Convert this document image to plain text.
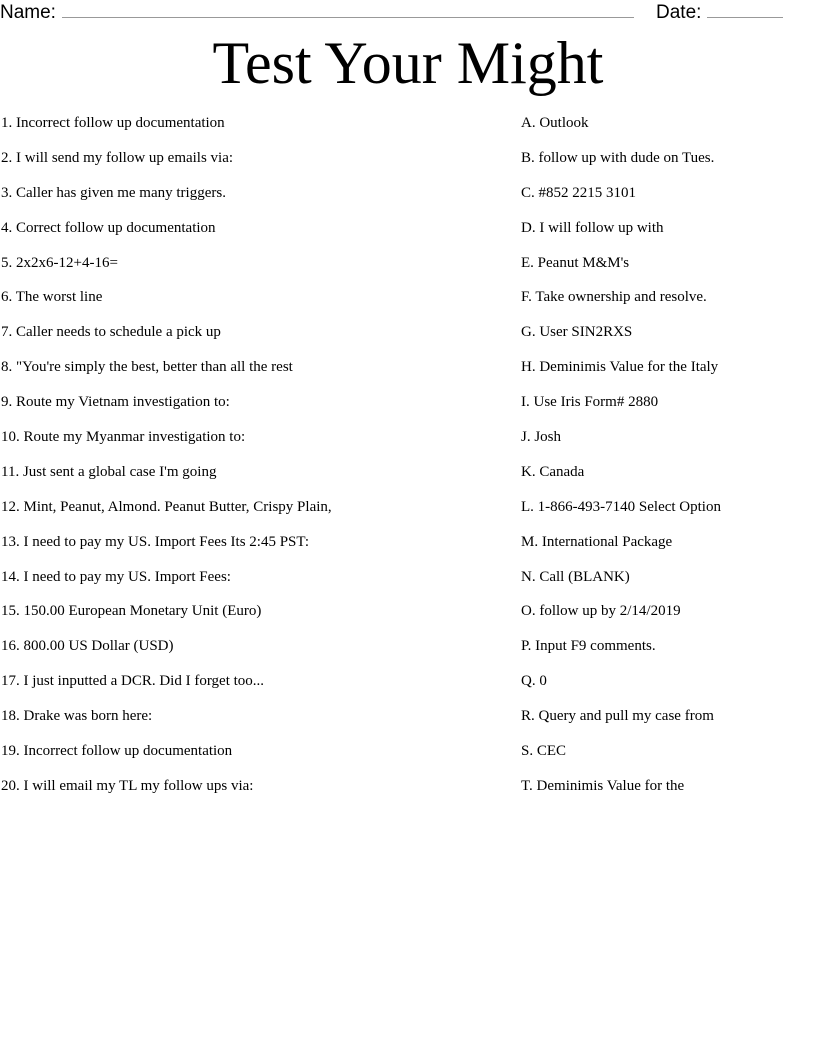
Name:	Date:
Test Your Might
1. Incorrect follow up documentation
2. I will send my follow up emails via:
3. Caller has given me many triggers.
4. Correct follow up documentation
5. 2x2x6-12+4-16=
6. The worst line
7. Caller needs to schedule a pick up
8. "You're simply the best, better than all the rest
9. Route my Vietnam investigation to:
10. Route my Myanmar investigation to:
11. Just sent a global case I'm going
12. Mint, Peanut, Almond. Peanut Butter, Crispy Plain,
13. I need to pay my US. Import Fees Its 2:45 PST:
14. I need to pay my US. Import Fees:
15. 150.00 European Monetary Unit (Euro)
16. 800.00 US Dollar (USD)
17. I just inputted a DCR. Did I forget too...
18. Drake was born here:
19. Incorrect follow up documentation
20. I will email my TL my follow ups via:
A. Outlook
B. follow up with dude on Tues.
C. #852 2215 3101
D. I will follow up with
E. Peanut M&M's
F. Take ownership and resolve.
G. User SIN2RXS
H. Deminimis Value for the Italy
I. Use Iris Form# 2880
J. Josh
K. Canada
L. 1-866-493-7140 Select Option
M. International Package
N. Call (BLANK)
O. follow up by 2/14/2019
P. Input F9 comments.
Q. 0
R. Query and pull my case from
S. CEC
T. Deminimis Value for the
